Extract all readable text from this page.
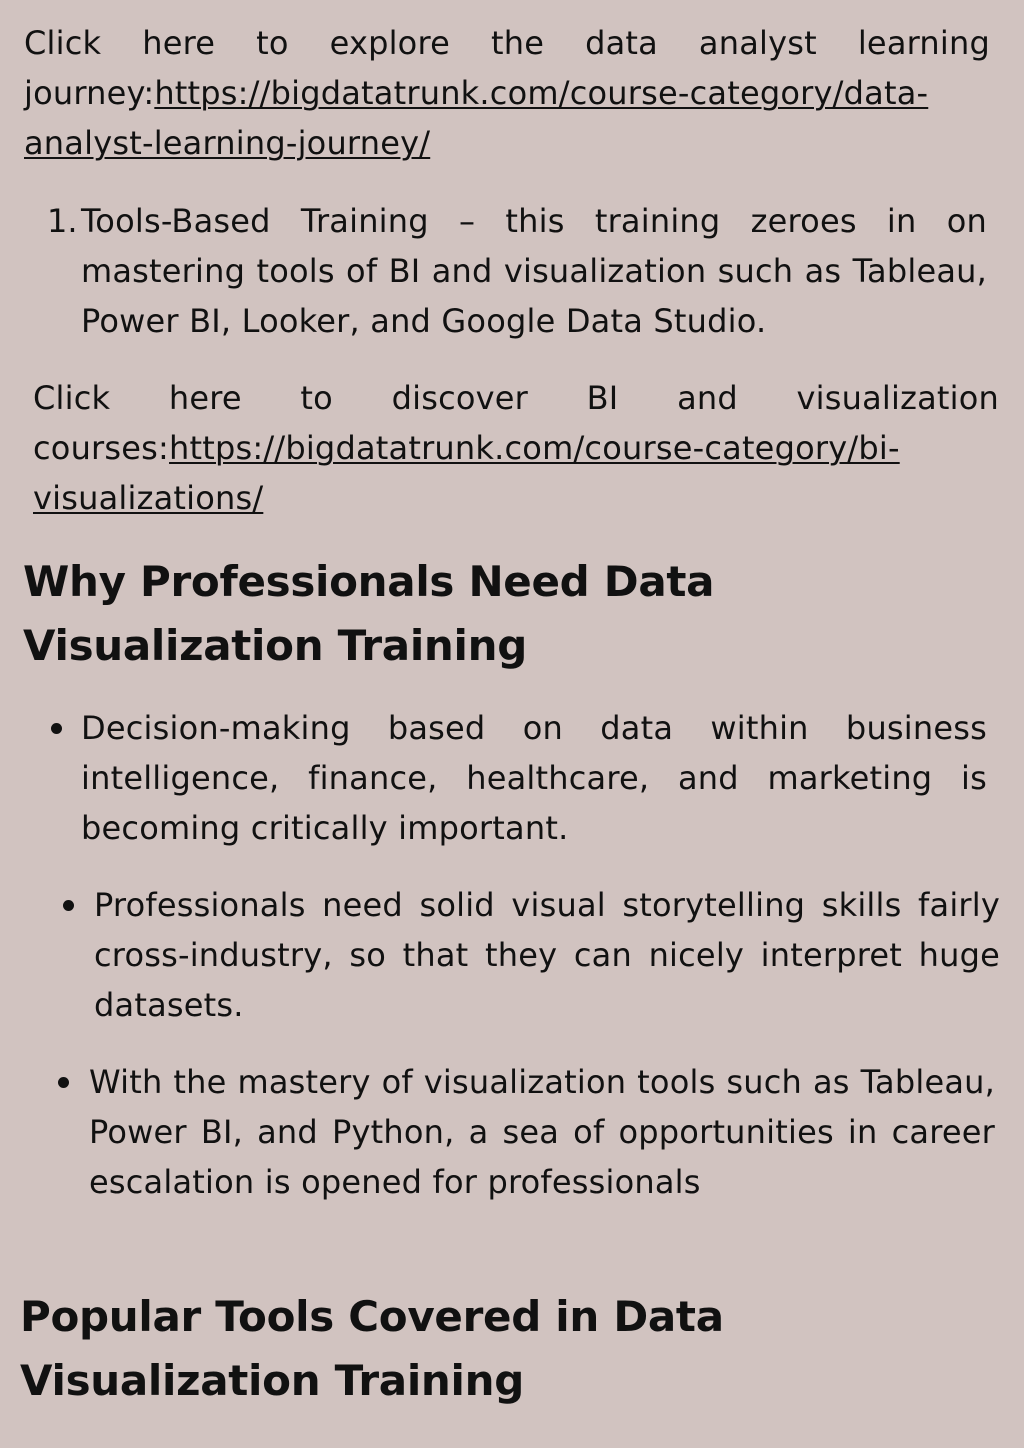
Click here to explore the data analyst learning journey:https://bigdatatrunk.com/course-category/data-analyst-learning-journey/

1. Tools-Based Training – this training zeroes in on mastering tools of BI and visualization such as Tableau, Power BI, Looker, and Google Data Studio.

Click here to discover BI and visualization courses:https://bigdatatrunk.com/course-category/bi-visualizations/

Why Professionals Need Data Visualization Training

Decision-making based on data within business intelligence, finance, healthcare, and marketing is becoming critically important.

Professionals need solid visual storytelling skills fairly cross-industry, so that they can nicely interpret huge datasets.

With the mastery of visualization tools such as Tableau, Power BI, and Python, a sea of opportunities in career escalation is opened for professionals

Popular Tools Covered in Data Visualization Training
